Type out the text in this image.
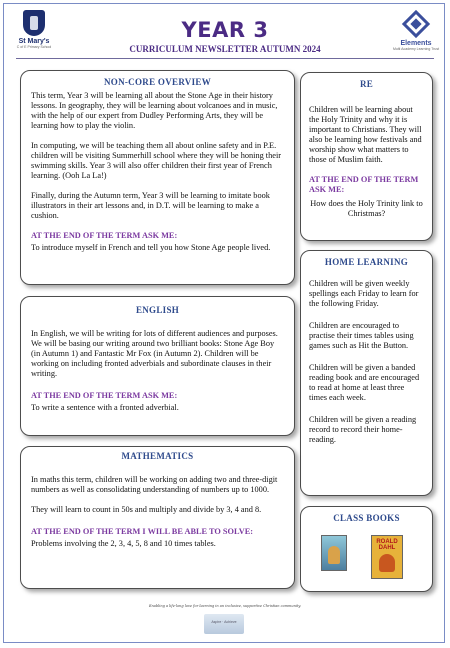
St Mary's
C of E Primary School	Elements
Multi Academy Learning Trust
YEAR 3
CURRICULUM NEWSLETTER AUTUMN 2024
NON-CORE OVERVIEW

This term, Year 3 will be learning all about the Stone Age in their history lessons. In geography, they will be learning about volcanoes and in music, with the help of our expert from Dudley Performing Arts, they will be learning how to play the violin.

In computing, we will be teaching them all about online safety and in P.E. children will be visiting Summerhill school where they will be honing their swimming skills. Year 3 will also offer children their first year of French learning. (Ooh La La!)

Finally, during the Autumn term, Year 3 will be learning to imitate book illustrators in their art lessons and, in D.T. will be learning to make a cushion.

AT THE END OF THE TERM ASK ME:

To introduce myself in French and tell you how Stone Age people lived.

RE

Children will be learning about the Holy Trinity and why it is important to Christians. They will also be learning how festivals and worship show what matters to those of Muslim faith.

AT THE END OF THE TERM ASK ME:

How does the Holy Trinity link to Christmas?

ENGLISH

In English, we will be writing for lots of different audiences and purposes. We will be basing our writing around two brilliant books: Stone Age Boy (in Autumn 1) and Fantastic Mr Fox (in Autumn 2). Children will be working on including fronted adverbials and subordinate clauses in their writing.

AT THE END OF THE TERM ASK ME:

To write a sentence with a fronted adverbial.

HOME LEARNING

Children will be given weekly spellings each Friday to learn for the following Friday.

Children are encouraged to practise their times tables using games such as Hit the Button.

Children will be given a banded reading book and are encouraged to read at home at least three times each week.

Children will be given a reading record to record their home-reading.

MATHEMATICS

In maths this term, children will be working on adding two and three-digit numbers as well as consolidating understanding of numbers up to 1000.

They will learn to count in 50s and multiply and divide by 3, 4 and 8.

AT THE END OF THE TERM I WILL BE ABLE TO SOLVE:

Problems involving the 2, 3, 4, 5, 8 and 10 times tables.

CLASS BOOKS
ROALD DAHL
Enabling a life-long love for learning in an inclusive, supportive Christian community.
Aspire · Achieve
